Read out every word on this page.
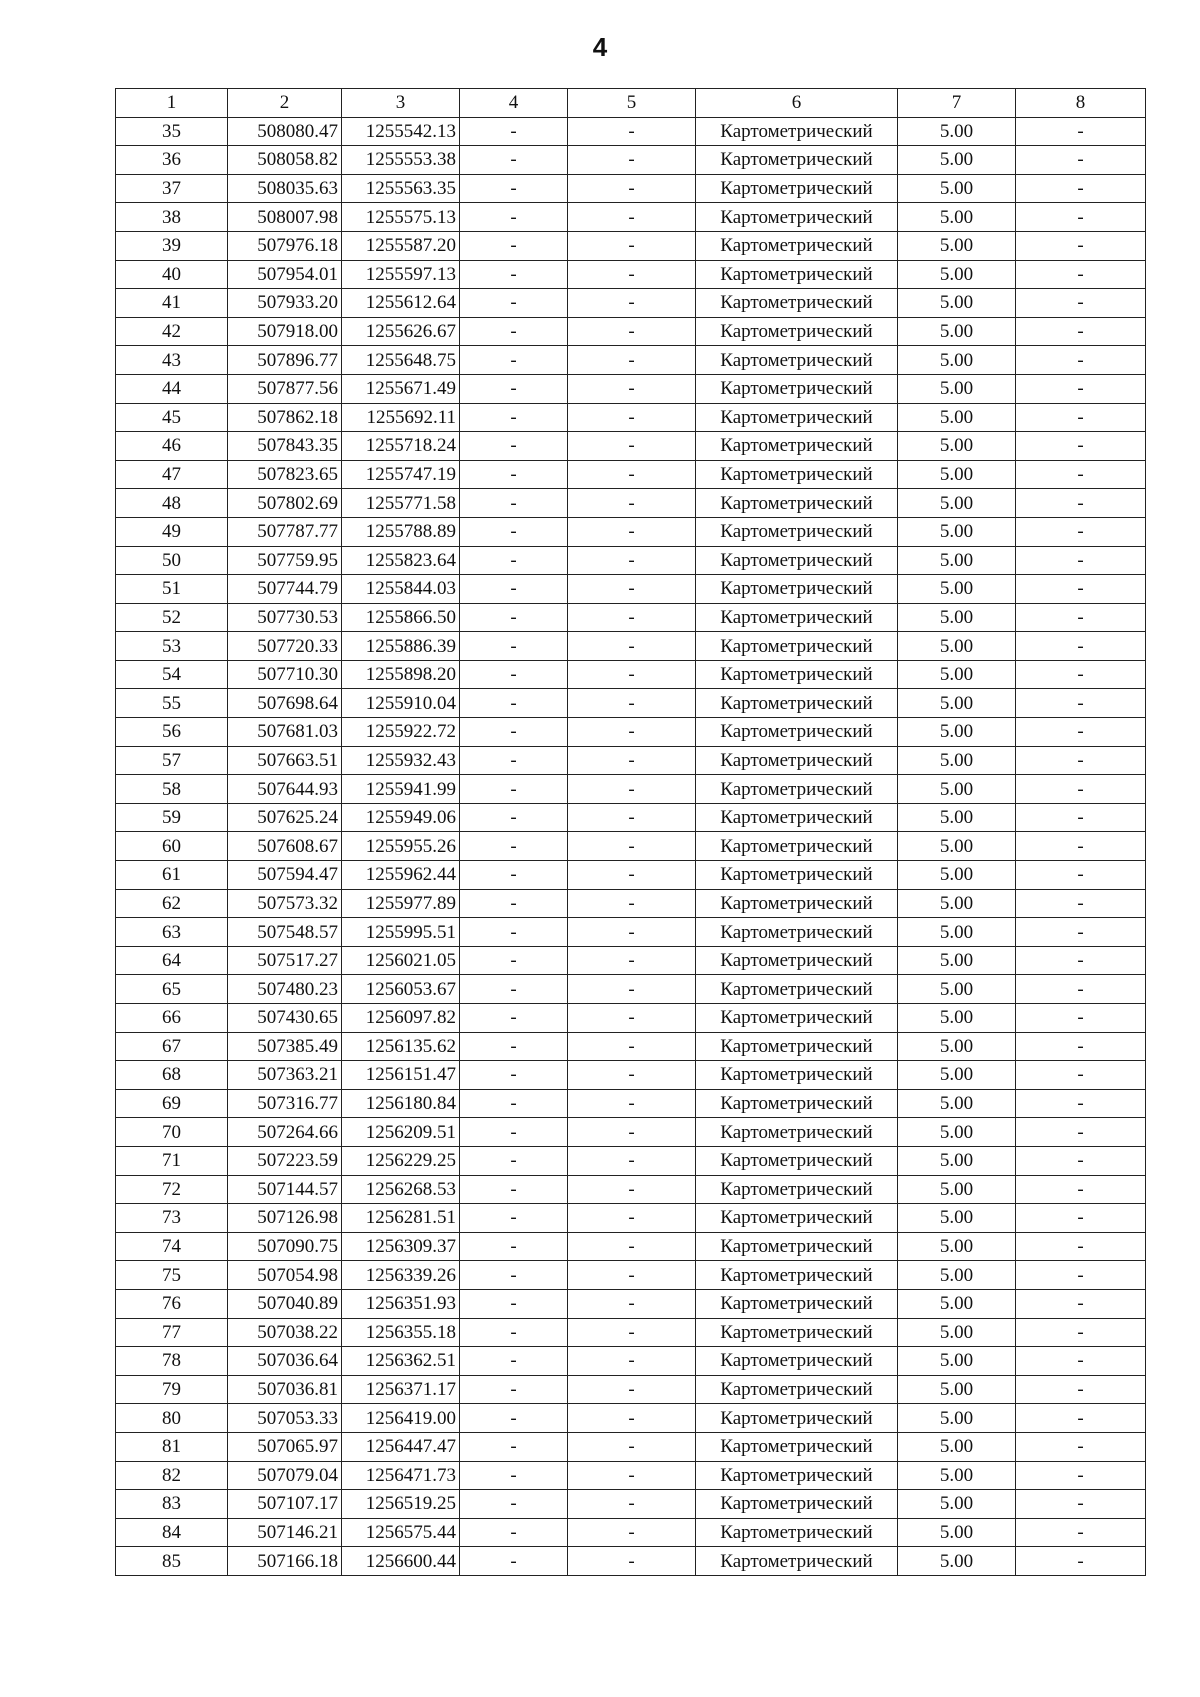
4
1	2	3	4	5	6	7	8
35	508080.47	1255542.13	-	-	Картометрический	5.00	-
36	508058.82	1255553.38	-	-	Картометрический	5.00	-
37	508035.63	1255563.35	-	-	Картометрический	5.00	-
38	508007.98	1255575.13	-	-	Картометрический	5.00	-
39	507976.18	1255587.20	-	-	Картометрический	5.00	-
40	507954.01	1255597.13	-	-	Картометрический	5.00	-
41	507933.20	1255612.64	-	-	Картометрический	5.00	-
42	507918.00	1255626.67	-	-	Картометрический	5.00	-
43	507896.77	1255648.75	-	-	Картометрический	5.00	-
44	507877.56	1255671.49	-	-	Картометрический	5.00	-
45	507862.18	1255692.11	-	-	Картометрический	5.00	-
46	507843.35	1255718.24	-	-	Картометрический	5.00	-
47	507823.65	1255747.19	-	-	Картометрический	5.00	-
48	507802.69	1255771.58	-	-	Картометрический	5.00	-
49	507787.77	1255788.89	-	-	Картометрический	5.00	-
50	507759.95	1255823.64	-	-	Картометрический	5.00	-
51	507744.79	1255844.03	-	-	Картометрический	5.00	-
52	507730.53	1255866.50	-	-	Картометрический	5.00	-
53	507720.33	1255886.39	-	-	Картометрический	5.00	-
54	507710.30	1255898.20	-	-	Картометрический	5.00	-
55	507698.64	1255910.04	-	-	Картометрический	5.00	-
56	507681.03	1255922.72	-	-	Картометрический	5.00	-
57	507663.51	1255932.43	-	-	Картометрический	5.00	-
58	507644.93	1255941.99	-	-	Картометрический	5.00	-
59	507625.24	1255949.06	-	-	Картометрический	5.00	-
60	507608.67	1255955.26	-	-	Картометрический	5.00	-
61	507594.47	1255962.44	-	-	Картометрический	5.00	-
62	507573.32	1255977.89	-	-	Картометрический	5.00	-
63	507548.57	1255995.51	-	-	Картометрический	5.00	-
64	507517.27	1256021.05	-	-	Картометрический	5.00	-
65	507480.23	1256053.67	-	-	Картометрический	5.00	-
66	507430.65	1256097.82	-	-	Картометрический	5.00	-
67	507385.49	1256135.62	-	-	Картометрический	5.00	-
68	507363.21	1256151.47	-	-	Картометрический	5.00	-
69	507316.77	1256180.84	-	-	Картометрический	5.00	-
70	507264.66	1256209.51	-	-	Картометрический	5.00	-
71	507223.59	1256229.25	-	-	Картометрический	5.00	-
72	507144.57	1256268.53	-	-	Картометрический	5.00	-
73	507126.98	1256281.51	-	-	Картометрический	5.00	-
74	507090.75	1256309.37	-	-	Картометрический	5.00	-
75	507054.98	1256339.26	-	-	Картометрический	5.00	-
76	507040.89	1256351.93	-	-	Картометрический	5.00	-
77	507038.22	1256355.18	-	-	Картометрический	5.00	-
78	507036.64	1256362.51	-	-	Картометрический	5.00	-
79	507036.81	1256371.17	-	-	Картометрический	5.00	-
80	507053.33	1256419.00	-	-	Картометрический	5.00	-
81	507065.97	1256447.47	-	-	Картометрический	5.00	-
82	507079.04	1256471.73	-	-	Картометрический	5.00	-
83	507107.17	1256519.25	-	-	Картометрический	5.00	-
84	507146.21	1256575.44	-	-	Картометрический	5.00	-
85	507166.18	1256600.44	-	-	Картометрический	5.00	-
